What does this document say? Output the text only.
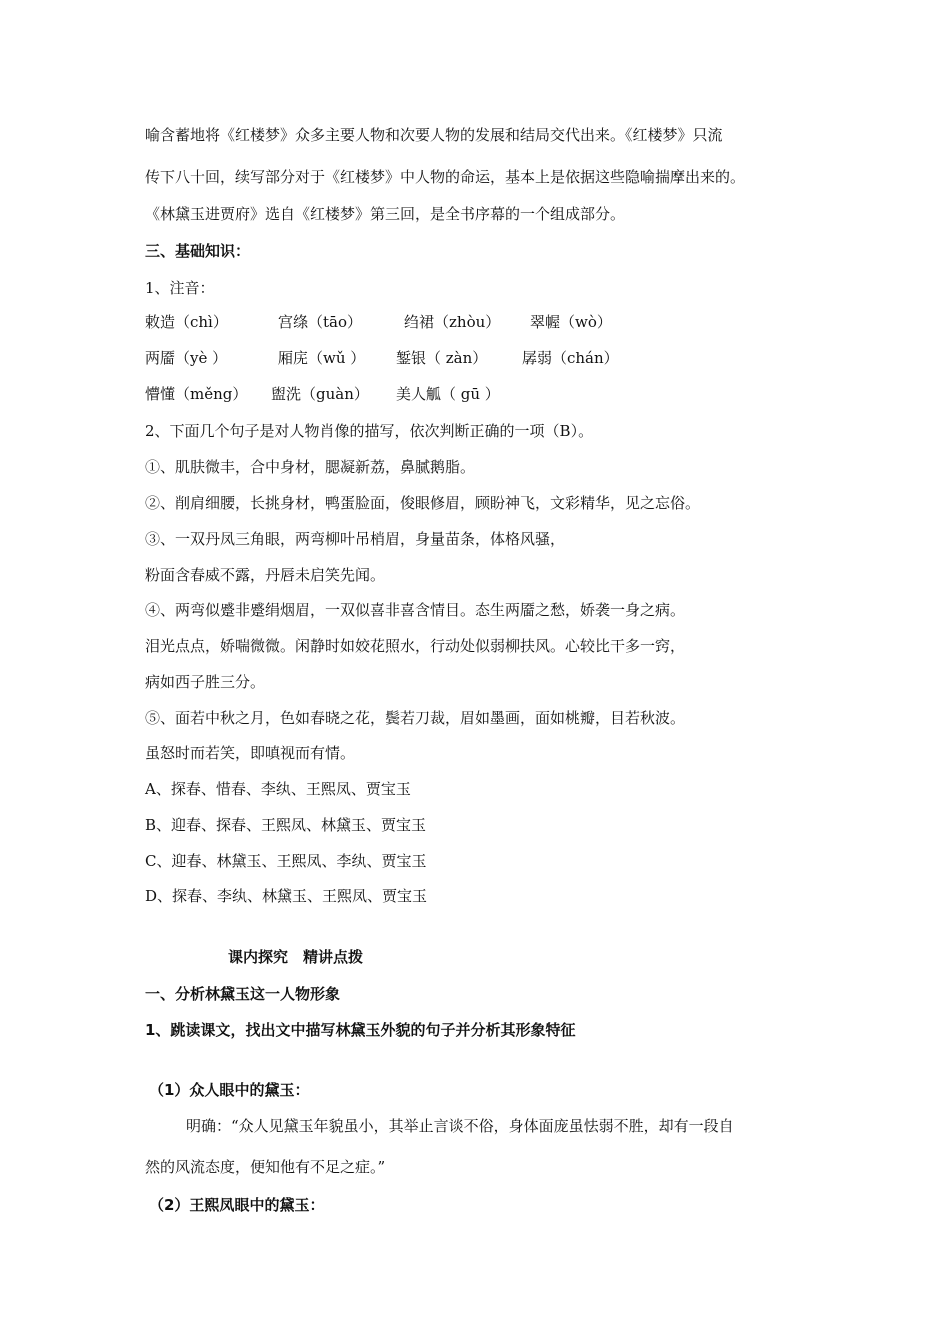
喻含蓄地将《红楼梦》众多主要人物和次要人物的发展和结局交代出来。《红楼梦》只流
传下八十回，续写部分对于《红楼梦》中人物的命运，基本上是依据这些隐喻揣摩出来的。
《林黛玉进贾府》选自《红楼梦》第三回，是全书序幕的一个组成部分。
三、基础知识：
1、注音：
敕造（chì）	宫绦（tāo）	绉裙（zhòu） 翠幄（wò）
两靥（yè ）	厢庑（wǔ ） 錾银（ zàn） 孱弱（chán）
懵懂（měng） 盥洗（guàn） 美人觚（ gū ）
2、下面几个句子是对人物肖像的描写，依次判断正确的一项（B）。
①、肌肤微丰，合中身材，腮凝新荔，鼻腻鹅脂。
②、削肩细腰，长挑身材，鸭蛋脸面，俊眼修眉，顾盼神飞，文彩精华，见之忘俗。
③、一双丹凤三角眼，两弯柳叶吊梢眉，身量苗条，体格风骚，
粉面含春威不露，丹唇未启笑先闻。
④、两弯似蹙非蹙绢烟眉，一双似喜非喜含情目。态生两靥之愁，娇袭一身之病。
泪光点点，娇喘微微。闲静时如姣花照水，行动处似弱柳扶风。心较比干多一窍，
病如西子胜三分。
⑤、面若中秋之月，色如春晓之花，鬓若刀裁，眉如墨画，面如桃瓣，目若秋波。
虽怒时而若笑，即嗔视而有情。
A、探春、惜春、李纨、王熙凤、贾宝玉
B、迎春、探春、王熙凤、林黛玉、贾宝玉
C、迎春、林黛玉、王熙凤、李纨、贾宝玉
D、探春、李纨、林黛玉、王熙凤、贾宝玉
课内探究　精讲点拨
一、分析林黛玉这一人物形象
1、跳读课文，找出文中描写林黛玉外貌的句子并分析其形象特征
（1）众人眼中的黛玉：
明确：“众人见黛玉年貌虽小，其举止言谈不俗，身体面庞虽怯弱不胜，却有一段自
然的风流态度，便知他有不足之症。”
（2）王熙凤眼中的黛玉：
